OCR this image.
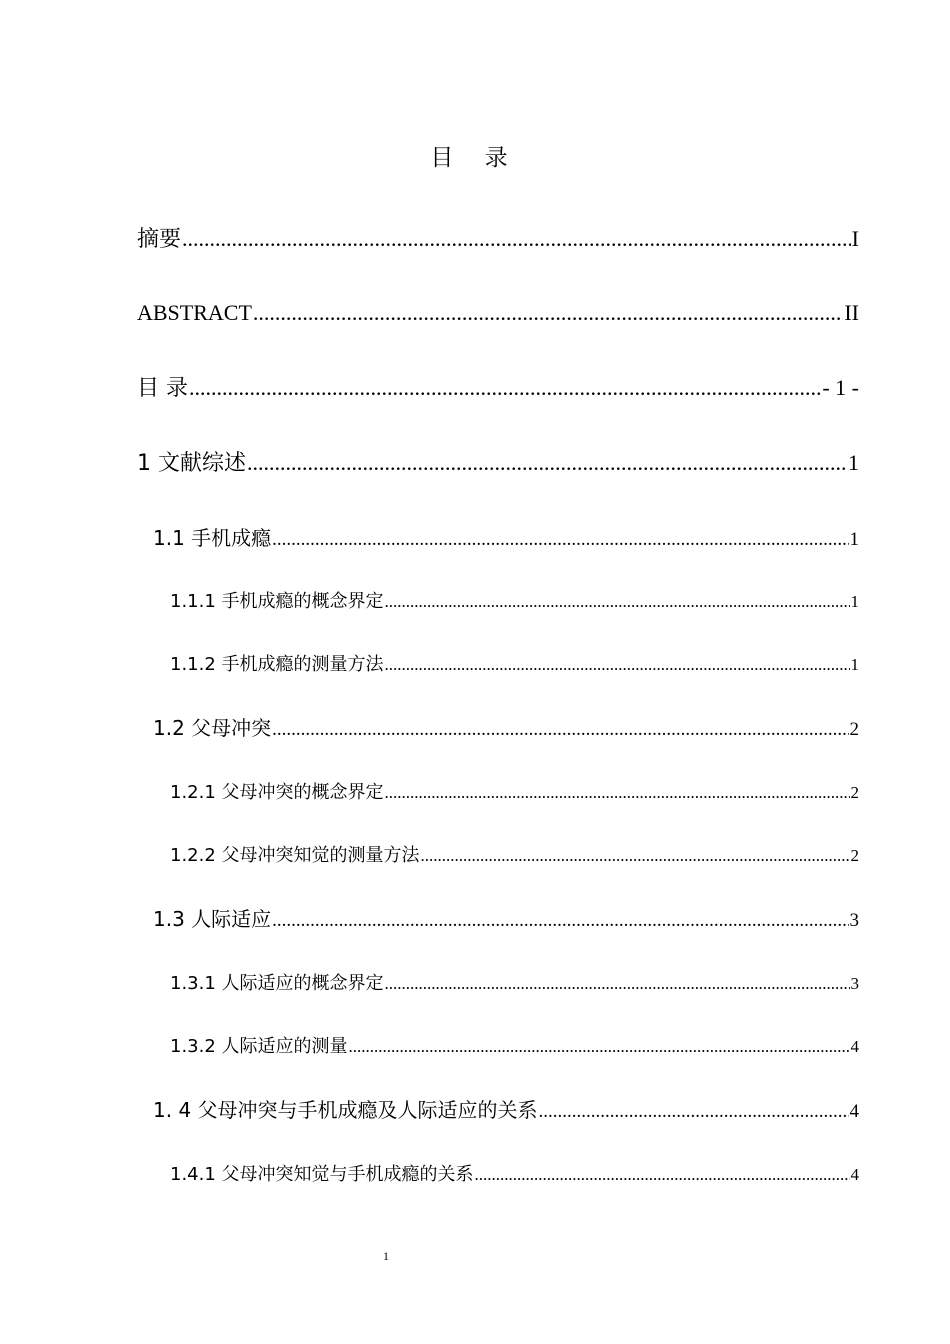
目 录
摘要 .....	I
ABSTRACT .....	II
目 录 .....	- 1 -
1 文献综述 .....	1
1.1 手机成瘾 .....	1
1.1.1 手机成瘾的概念界定 .....	1
1.1.2 手机成瘾的测量方法 .....	1
1.2 父母冲突 .....	2
1.2.1 父母冲突的概念界定 .....	2
1.2.2 父母冲突知觉的测量方法 .....	2
1.3 人际适应 .....	3
1.3.1 人际适应的概念界定 .....	3
1.3.2 人际适应的测量 .....	4
1. 4 父母冲突与手机成瘾及人际适应的关系 .....	4
1.4.1 父母冲突知觉与手机成瘾的关系 .....	4
1
